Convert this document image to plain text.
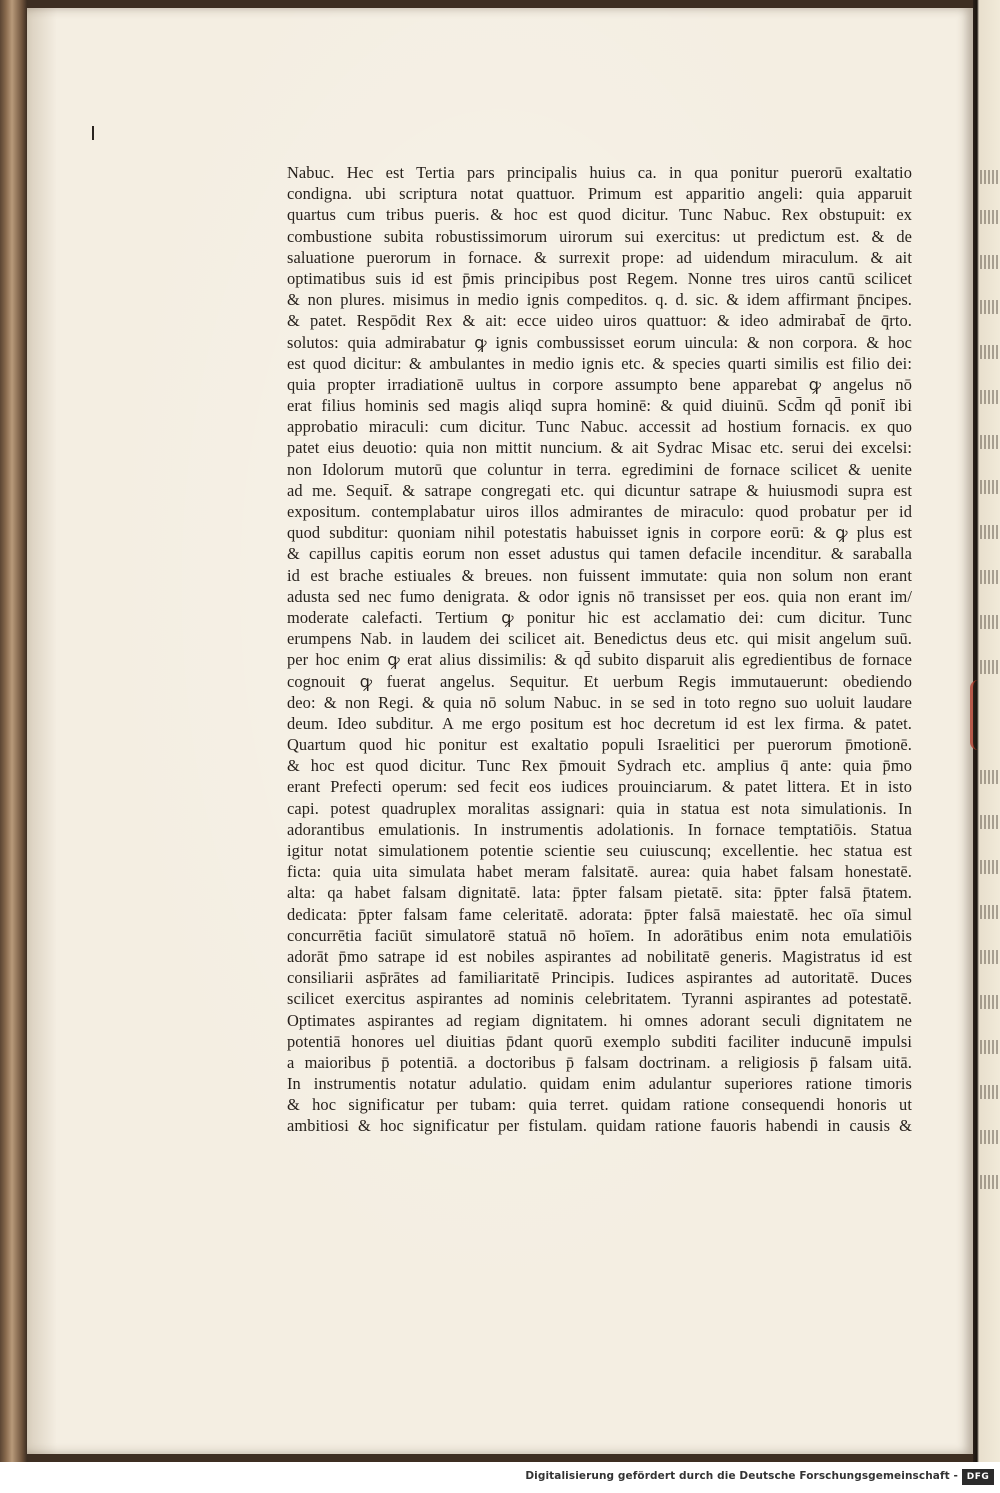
Nabuc. Hec est Tertia pars principalis huius ca. in qua ponitur puerorū exaltatio
condigna. ubi scriptura notat quattuor. Primum est apparitio angeli: quia apparuit
quartus cum tribus pueris. & hoc est quod dicitur. Tunc Nabuc. Rex obstupuit: ex
combustione subita robustissimorum uirorum sui exercitus: ut predictum est. & de
saluatione puerorum in fornace. & surrexit prope: ad uidendum miraculum. & ait
optimatibus suis id est p̄mis principibus post Regem. Nonne tres uiros cantū scilicet
& non plures. misimus in medio ignis compeditos. q. d. sic. & idem affirmant p̄ncipes.
& patet. Respōdit Rex & ait: ecce uideo uiros quattuor: & ideo admirabat̄ de q̄rto.
solutos: quia admirabatur ꝙ ignis combussisset eorum uincula: & non corpora. & hoc
est quod dicitur: & ambulantes in medio ignis etc. & species quarti similis est filio dei:
quia propter irradiationē uultus in corpore assumpto bene apparebat ꝙ angelus nō
erat filius hominis sed magis aliqd supra hominē: & quid diuinū. Scd̄m qd̄ ponit̄ ibi
approbatio miraculi: cum dicitur. Tunc Nabuc. accessit ad hostium fornacis. ex quo
patet eius deuotio: quia non mittit nuncium. & ait Sydrac Misac etc. serui dei excelsi:
non Idolorum mutorū que coluntur in terra. egredimini de fornace scilicet & uenite
ad me. Sequit̄. & satrape congregati etc. qui dicuntur satrape & huiusmodi supra est
expositum. contemplabatur uiros illos admirantes de miraculo: quod probatur per id
quod subditur: quoniam nihil potestatis habuisset ignis in corpore eorū: & ꝙ plus est
& capillus capitis eorum non esset adustus qui tamen defacile incenditur. & saraballa
id est brache estiuales & breues. non fuissent immutate: quia non solum non erant
adusta sed nec fumo denigrata. & odor ignis nō transisset per eos. quia non erant im/
moderate calefacti. Tertium ꝙ ponitur hic est acclamatio dei: cum dicitur. Tunc
erumpens Nab. in laudem dei scilicet ait. Benedictus deus etc. qui misit angelum suū.
per hoc enim ꝙ erat alius dissimilis: & qd̄ subito disparuit alis egredientibus de fornace
cognouit ꝙ fuerat angelus. Sequitur. Et uerbum Regis immutauerunt: obediendo
deo: & non Regi. & quia nō solum Nabuc. in se sed in toto regno suo uoluit laudare
deum. Ideo subditur. A me ergo positum est hoc decretum id est lex firma. & patet.
Quartum quod hic ponitur est exaltatio populi Israelitici per puerorum p̄motionē.
& hoc est quod dicitur. Tunc Rex p̄mouit Sydrach etc. amplius q̄ ante: quia p̄mo
erant Prefecti operum: sed fecit eos iudices prouinciarum. & patet littera. Et in isto
capi. potest quadruplex moralitas assignari: quia in statua est nota simulationis. In
adorantibus emulationis. In instrumentis adolationis. In fornace temptatiōis. Statua
igitur notat simulationem potentie scientie seu cuiuscunq; excellentie. hec statua est
ficta: quia uita simulata habet meram falsitatē. aurea: quia habet falsam honestatē.
alta: qa habet falsam dignitatē. lata: p̄pter falsam pietatē. sita: p̄pter falsā p̄tatem.
dedicata: p̄pter falsam fame celeritatē. adorata: p̄pter falsā maiestatē. hec oīa simul
concurrētia faciūt simulatorē statuā nō hoīem. In adorātibus enim nota emulatiōis
adorāt p̄mo satrape id est nobiles aspirantes ad nobilitatē generis. Magistratus id est
consiliarii asp̄rātes ad familiaritatē Principis. Iudices aspirantes ad autoritatē. Duces
scilicet exercitus aspirantes ad nominis celebritatem. Tyranni aspirantes ad potestatē.
Optimates aspirantes ad regiam dignitatem. hi omnes adorant seculi dignitatem ne
potentiā honores uel diuitias p̄dant quorū exemplo subditi faciliter inducunē impulsi
a maioribus p̄ potentiā. a doctoribus p̄ falsam doctrinam. a religiosis p̄ falsam uitā.
In instrumentis notatur adulatio. quidam enim adulantur superiores ratione timoris
& hoc significatur per tubam: quia terret. quidam ratione consequendi honoris ut
ambitiosi & hoc significatur per fistulam. quidam ratione fauoris habendi in causis &
Digitalisierung gefördert durch die Deutsche Forschungsgemeinschaft - DFG
